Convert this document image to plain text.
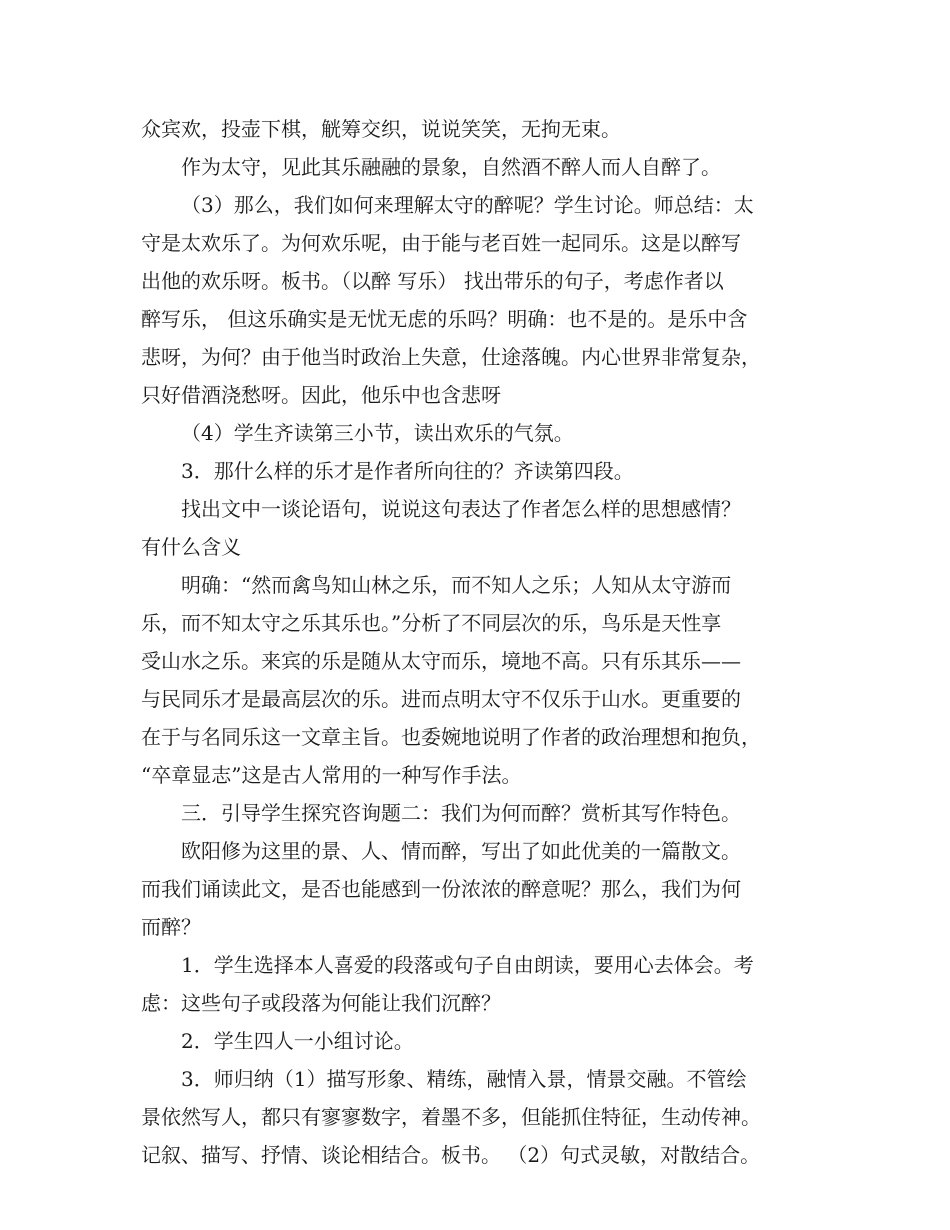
众宾欢，投壶下棋，觥筹交织，说说笑笑，无拘无束。
作为太守，见此其乐融融的景象，自然酒不醉人而人自醉了。
（3）那么，我们如何来理解太守的醉呢？学生讨论。师总结：太
守是太欢乐了。为何欢乐呢，由于能与老百姓一起同乐。这是以醉写
出他的欢乐呀。板书。（以醉 写乐） 找出带乐的句子，考虑作者以
醉写乐， 但这乐确实是无忧无虑的乐吗？明确：也不是的。是乐中含
悲呀，为何？由于他当时政治上失意，仕途落魄。内心世界非常复杂，
只好借酒浇愁呀。因此，他乐中也含悲呀
（4）学生齐读第三小节，读出欢乐的气氛。
3．那什么样的乐才是作者所向往的？齐读第四段。
找出文中一谈论语句，说说这句表达了作者怎么样的思想感情？
有什么含义
明确：“然而禽鸟知山林之乐，而不知人之乐；人知从太守游而
乐，而不知太守之乐其乐也。”分析了不同层次的乐，鸟乐是天性享
受山水之乐。来宾的乐是随从太守而乐，境地不高。只有乐其乐——
与民同乐才是最高层次的乐。进而点明太守不仅乐于山水。更重要的
在于与名同乐这一文章主旨。也委婉地说明了作者的政治理想和抱负，
“卒章显志”这是古人常用的一种写作手法。
三．引导学生探究咨询题二：我们为何而醉？赏析其写作特色。
欧阳修为这里的景、人、情而醉，写出了如此优美的一篇散文。
而我们诵读此文，是否也能感到一份浓浓的醉意呢？那么，我们为何
而醉？
1．学生选择本人喜爱的段落或句子自由朗读，要用心去体会。考
虑：这些句子或段落为何能让我们沉醉？
2．学生四人一小组讨论。
3．师归纳（1）描写形象、精练，融情入景，情景交融。不管绘
景依然写人，都只有寥寥数字，着墨不多，但能抓住特征，生动传神。
记叙、描写、抒情、谈论相结合。板书。 （2）句式灵敏，对散结合。
